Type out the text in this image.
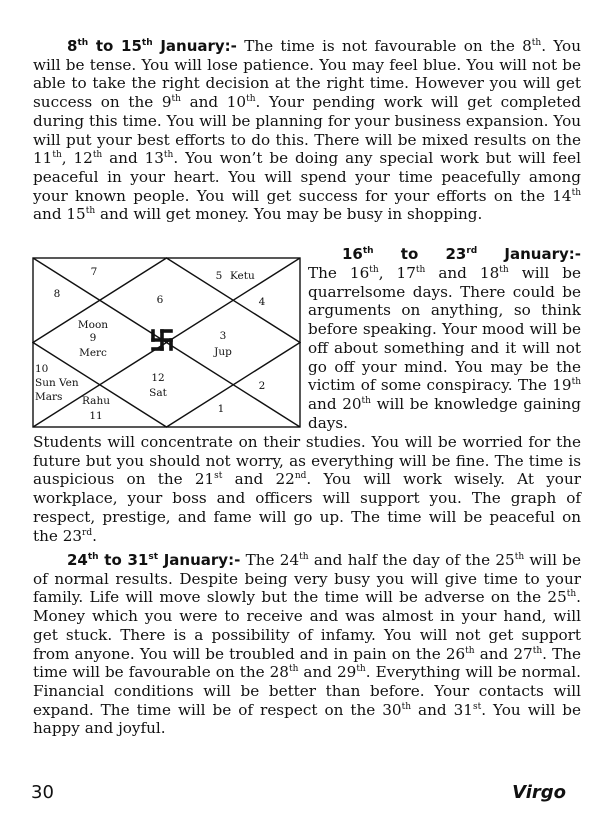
8th to 15th January:- The time is not favourable on the 8th. You will be tense. You will lose patience. You may feel blue. You will not be able to take the right decision at the right time. However you will get success on the 9th and 10th. Your pending work will get completed during this time. You will be planning for your business expansion. You will put your best efforts to do this. There will be mixed results on the 11th, 12th and 13th. You won’t be doing any special work but will feel peaceful in your heart. You will spend your time peacefully among your known people. You will get success for your efforts on the 14th and 15th and will get money. You may be busy in shopping.

7	5 Ketu
8	6	4
Moon
9
Merc
3
Jup
10
Sun Ven
Mars
12
Sat
2
Rahu
11
1

16th to 23rd January:-

The 16th, 17th and 18th will be quarrelsome days. There could be arguments on anything, so think before speaking. Your mood will be off about something and it will not go off your mind. You may be the victim of some conspiracy. The 19th and 20th will be knowledge gaining days.

Students will concentrate on their studies. You will be worried for the future but you should not worry, as everything will be fine. The time is auspicious on the 21st and 22nd. You will work wisely. At your workplace, your boss and officers will support you. The graph of respect, prestige, and fame will go up. The time will be peaceful on the 23rd.

24th to 31st January:- The 24th and half the day of the 25th will be of normal results. Despite being very busy you will give time to your family. Life will move slowly but the time will be adverse on the 25th. Money which you were to receive and was almost in your hand, will get stuck. There is a possibility of infamy. You will not get support from anyone. You will be troubled and in pain on the 26th and 27th. The time will be favourable on the 28th and 29th. Everything will be normal. Financial conditions will be better than before. Your contacts will expand. The time will be of respect on the 30th and 31st. You will be happy and joyful.

30	Virgo
